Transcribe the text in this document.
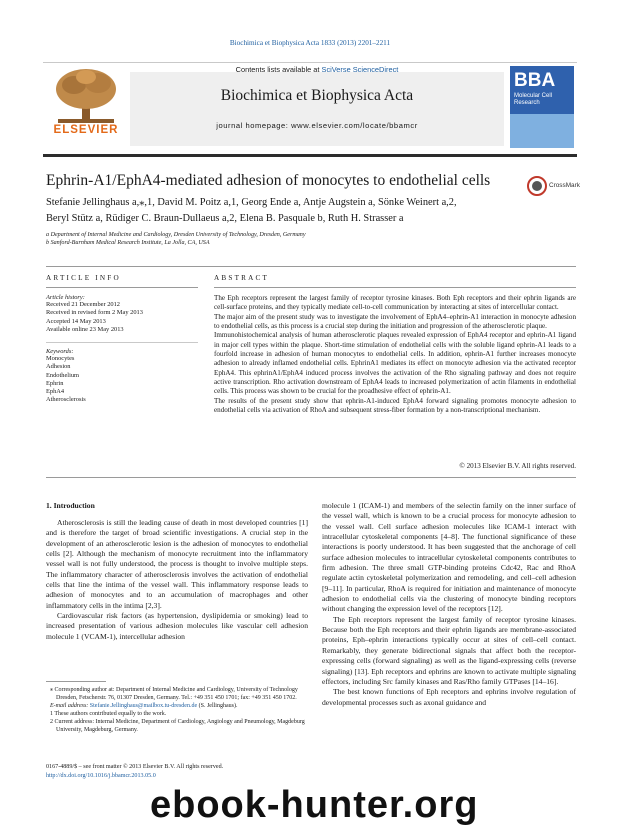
Biochimica et Biophysica Acta 1833 (2013) 2201–2211
ELSEVIER
Contents lists available at SciVerse ScienceDirect
Biochimica et Biophysica Acta
journal homepage: www.elsevier.com/locate/bbamcr
BBA
Molecular Cell
Research
Ephrin-A1/EphA4-mediated adhesion of monocytes to endothelial cells	CrossMark
Stefanie Jellinghaus a,⁎,1, David M. Poitz a,1, Georg Ende a, Antje Augstein a, Sönke Weinert a,2,
Beryl Stütz a, Rüdiger C. Braun-Dullaeus a,2, Elena B. Pasquale b, Ruth H. Strasser a
a Department of Internal Medicine and Cardiology, Dresden University of Technology, Dresden, Germany
b Sanford-Burnham Medical Research Institute, La Jolla, CA, USA
ARTICLE INFO	ABSTRACT
Article history:
Received 21 December 2012
Received in revised form 2 May 2013
Accepted 14 May 2013
Available online 23 May 2013
Keywords:
Monocytes
Adhesion
Endothelium
Ephrin
EphA4
Atherosclerosis

The Eph receptors represent the largest family of receptor tyrosine kinases. Both Eph receptors and their ephrin ligands are cell-surface proteins, and they typically mediate cell-to-cell communication by interacting at sites of intercellular contact.

The major aim of the present study was to investigate the involvement of EphA4–ephrin-A1 interaction in monocyte adhesion to endothelial cells, as this process is a crucial step during the initiation and progression of the atherosclerotic plaque.

Immunohistochemical analysis of human atherosclerotic plaques revealed expression of EphA4 receptor and ephrin-A1 ligand in major cell types within the plaque. Short-time stimulation of endothelial cells with the soluble ligand ephrin-A1 leads to a fourfold increase in adhesion of human monocytes to endothelial cells. In addition, ephrin-A1 further increases monocyte adhesion to already inflamed endothelial cells. EphrinA1 mediates its effect on monocyte adhesion via the activated receptor EphA4. This ephrinA1/EphA4 induced process involves the activation of the Rho signaling pathway and does not require active transcription. Rho activation downstream of EphA4 leads to increased polymerization of actin filaments in endothelial cells. This process was shown to be crucial for the proadhesive effect of ephrin-A1.

The results of the present study show that ephrin-A1-induced EphA4 forward signaling promotes monocyte adhesion to endothelial cells via activation of RhoA and subsequent stress-fiber formation by a non-transcriptional mechanism.

© 2013 Elsevier B.V. All rights reserved.
1. Introduction

Atherosclerosis is still the leading cause of death in most developed countries [1] and is therefore the target of broad scientific investigations. A crucial step in the development of an atherosclerotic lesion is the adhesion of monocytes to endothelial cells [2]. Although the mechanism of monocyte recruitment into the inflammatory vessel wall is not fully understood, the process is thought to involve multiple steps. The inflammatory character of atherosclerosis involves the activation of endothelial cells that line the intima of the vessel wall. This inflammatory response leads to adhesion of monocytes and to an accumulation of macrophages and other inflammatory cells in the intima [2,3].

Cardiovascular risk factors (as hypertension, dyslipidemia or smoking) lead to increased presentation of various adhesion molecules like vascular cell adhesion molecule 1 (VCAM-1), intercellular adhesion

molecule 1 (ICAM-1) and members of the selectin family on the inner surface of the vessel wall, which is known to be a crucial process for monocyte adhesion to the vessel wall. Cell surface adhesion molecules like ICAM-1 interact with intracellular cytoskeletal components [4–8]. The functional significance of these interactions is poorly understood. It has been suggested that the anchorage of cell surface adhesion molecules to intracellular cytoskeletal components contributes to firm adhesion. The three small GTP-binding proteins Cdc42, Rac and RhoA regulate actin cytoskeletal polymerization and remodeling, and cell–cell adhesion [9–11]. In particular, RhoA is required for initiation and maintenance of monocyte adhesion to endothelial cells via the clustering of monocyte binding receptors without changing the expression level of the receptors [12].

The Eph receptors represent the largest family of receptor tyrosine kinases. Because both the Eph receptors and their ephrin ligands are membrane-associated proteins, Eph–ephrin interactions typically occur at sites of cell–cell contact. Remarkably, they generate bidirectional signals that affect both the receptor-expressing cells (forward signaling) as well as the ligand-expressing cells (reverse signaling) [13]. Eph receptors and ephrins are known to activate multiple signaling effectors, including Src family kinases and Ras/Rho family GTPases [14–16].

The best known functions of Eph receptors and ephrins involve regulation of developmental processes such as axonal guidance and

⁎ Corresponding author at: Department of Internal Medicine and Cardiology, University of Technology Dresden, Fetscherstr. 76, 01307 Dresden, Germany. Tel.: +49 351 450 1701; fax: +49 351 450 1702.

E-mail address: Stefanie.Jellinghaus@mailbox.tu-dresden.de (S. Jellinghaus).

1 These authors contributed equally to the work.

2 Current address: Internal Medicine, Department of Cardiology, Angiology and Pneumology, Magdeburg University, Magdeburg, Germany.

0167-4889/$ – see front matter © 2013 Elsevier B.V. All rights reserved.
http://dx.doi.org/10.1016/j.bbamcr.2013.05.0
ebook-hunter.org
